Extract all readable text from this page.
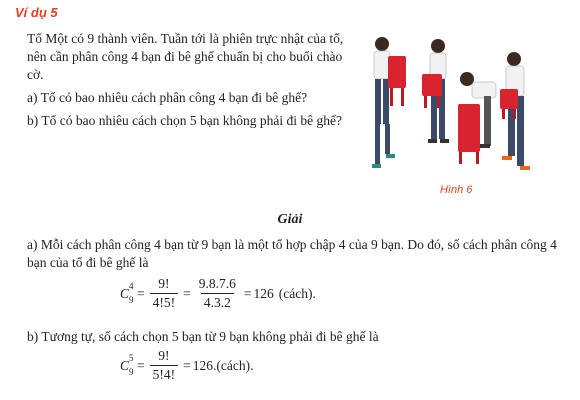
Ví dụ 5

Tổ Một có 9 thành viên. Tuần tới là phiên trực nhật của tổ, nên cần phân công 4 bạn đi bê ghế chuẩn bị cho buổi chào cờ.

a) Tổ có bao nhiêu cách phân công 4 bạn đi bê ghế?

b) Tổ có bao nhiêu cách chọn 5 bạn không phải đi bê ghế?

Hình 6
Giải
a) Mỗi cách phân công 4 bạn từ 9 bạn là một tổ hợp chập 4 của 9 bạn. Do đó, số cách phân công 4 bạn của tổ đi bê ghế là
C 4
$9 = \frac{9!}{4!5!} = \frac{9.8.7.6}{4.3.2} = 126$ (cách).
b) Tương tự, số cách chọn 5 bạn từ 9 bạn không phải đi bê ghế là
C 5
$9 = \frac{9!}{5!4!} = 126$. (cách).
